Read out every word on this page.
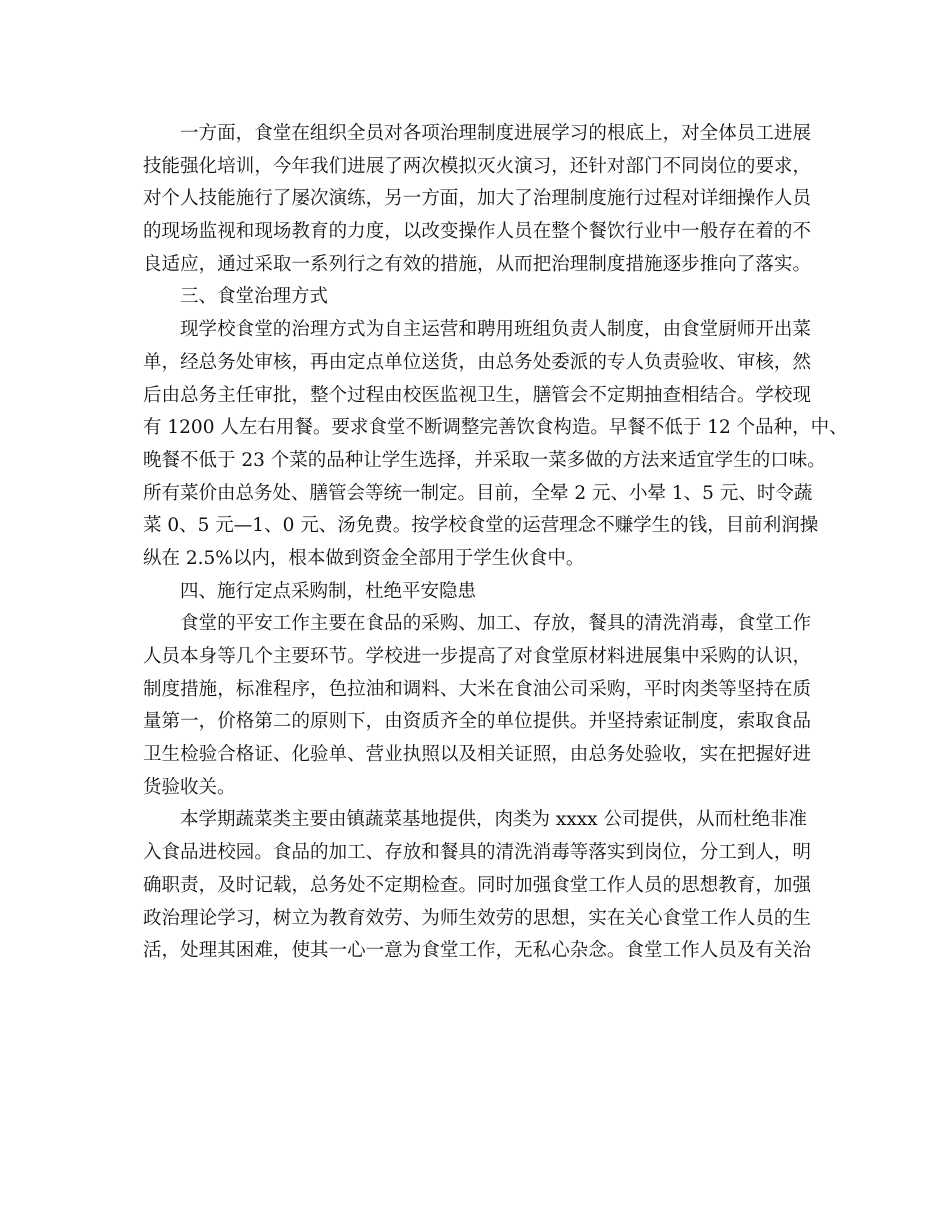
一方面，食堂在组织全员对各项治理制度进展学习的根底上，对全体员工进展
技能强化培训，今年我们进展了两次模拟灭火演习，还针对部门不同岗位的要求，
对个人技能施行了屡次演练，另一方面，加大了治理制度施行过程对详细操作人员
的现场监视和现场教育的力度，以改变操作人员在整个餐饮行业中一般存在着的不
良适应，通过采取一系列行之有效的措施，从而把治理制度措施逐步推向了落实。
三、食堂治理方式
现学校食堂的治理方式为自主运营和聘用班组负责人制度，由食堂厨师开出菜
单，经总务处审核，再由定点单位送货，由总务处委派的专人负责验收、审核，然
后由总务主任审批，整个过程由校医监视卫生，膳管会不定期抽查相结合。学校现
有 1200 人左右用餐。要求食堂不断调整完善饮食构造。早餐不低于 12 个品种，中、
晚餐不低于 23 个菜的品种让学生选择，并采取一菜多做的方法来适宜学生的口味。
所有菜价由总务处、膳管会等统一制定。目前，全晕 2 元、小晕 1、5 元、时令蔬
菜 0、5 元—1、0 元、汤免费。按学校食堂的运营理念不赚学生的钱，目前利润操
纵在 2.5%以内，根本做到资金全部用于学生伙食中。
四、施行定点采购制，杜绝平安隐患
食堂的平安工作主要在食品的采购、加工、存放，餐具的清洗消毒，食堂工作
人员本身等几个主要环节。学校进一步提高了对食堂原材料进展集中采购的认识，
制度措施，标准程序，色拉油和调料、大米在食油公司采购，平时肉类等坚持在质
量第一，价格第二的原则下，由资质齐全的单位提供。并坚持索证制度，索取食品
卫生检验合格证、化验单、营业执照以及相关证照，由总务处验收，实在把握好进
货验收关。
本学期蔬菜类主要由镇蔬菜基地提供，肉类为 xxxx 公司提供，从而杜绝非准
入食品进校园。食品的加工、存放和餐具的清洗消毒等落实到岗位，分工到人，明
确职责，及时记载，总务处不定期检查。同时加强食堂工作人员的思想教育，加强
政治理论学习，树立为教育效劳、为师生效劳的思想，实在关心食堂工作人员的生
活，处理其困难，使其一心一意为食堂工作，无私心杂念。食堂工作人员及有关治
